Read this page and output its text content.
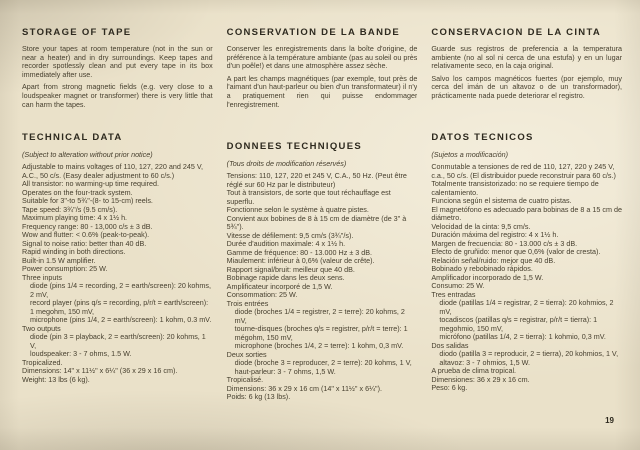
STORAGE OF TAPE

Store your tapes at room temperature (not in the sun or near a heater) and in dry surroundings. Keep tapes and recorder spotlessly clean and put every tape in its box immediately after use.

Apart from strong magnetic fields (e.g. very close to a loudspeaker magnet or transformer) there is very little that can harm the tapes.

TECHNICAL DATA
(Subject to alteration without prior notice)
Adjustable to mains voltages of 110, 127, 220 and 245 V, A.C., 50 c/s. (Easy dealer adjustment to 60 c/s.)
All transistor: no warming-up time required.
Operates on the four-track system.
Suitable for 3"-to 5¾"-(8- to 15-cm) reels.
Tape speed: 3¾"/s (9.5 cm/s).
Maximum playing time: 4 x 1½ h.
Frequency range: 80 - 13,000 c/s ± 3 dB.
Wow and flutter: < 0.6% (peak-to-peak).
Signal to noise ratio: better than 40 dB.
Rapid winding in both directions.
Built-in 1.5 W amplifier.
Power consumption: 25 W.
Three inputs
diode (pins 1/4 = recording, 2 = earth/screen): 20 kohms, 2 mV,
record player (pins q/s = recording, p/r/t = earth/screen): 1 megohm, 150 mV,
microphone (pins 1/4, 2 = earth/screen): 1 kohm, 0.3 mV.
Two outputs
diode (pin 3 = playback, 2 = earth/screen): 20 kohms, 1 V,
loudspeaker: 3 - 7 ohms, 1.5 W.
Tropicalized.
Dimensions: 14" x 11½" x 6¼" (36 x 29 x 16 cm).
Weight: 13 lbs (6 kg).
CONSERVATION DE LA BANDE

Conserver les enregistrements dans la boîte d'origine, de préférence à la température ambiante (pas au soleil ou près d'un poêle!) et dans une atmosphère assez sèche.

A part les champs magnétiques (par exemple, tout près de l'aimant d'un haut-parleur ou bien d'un transformateur) il n'y a pratiquement rien qui puisse endommager l'enregistrement.

DONNEES TECHNIQUES
(Tous droits de modification réservés)
Tensions: 110, 127, 220 et 245 V, C.A., 50 Hz. (Peut être réglé sur 60 Hz par le distributeur)
Tout à transistors, de sorte que tout réchauffage est superflu.
Fonctionne selon le système à quatre pistes.
Convient aux bobines de 8 à 15 cm de diamètre (de 3" à 5¾").
Vitesse de défilement: 9,5 cm/s (3¾"/s).
Durée d'audition maximale: 4 x 1½ h.
Gamme de fréquence: 80 - 13.000 Hz ± 3 dB.
Miaulement: inférieur à 0,6% (valeur de crête).
Rapport signal/bruit: meilleur que 40 dB.
Bobinage rapide dans les deux sens.
Amplificateur incorporé de 1,5 W.
Consommation: 25 W.
Trois entrées
diode (broches 1/4 = registrer, 2 = terre): 20 kohms, 2 mV,
tourne-disques (broches q/s = registrer, p/r/t = terre): 1 mégohm, 150 mV,
microphone (broches 1/4, 2 = terre): 1 kohm, 0,3 mV.
Deux sorties
diode (broche 3 = reproducer, 2 = terre): 20 kohms, 1 V,
haut-parleur: 3 - 7 ohms, 1,5 W.
Tropicalisé.
Dimensions: 36 x 29 x 16 cm (14" x 11½" x 6¼").
Poids: 6 kg (13 lbs).
CONSERVACION DE LA CINTA

Guarde sus registros de preferencia a la temperatura ambiente (no al sol ni cerca de una estufa) y en un lugar relativamente seco, en la caja original.

Salvo los campos magnéticos fuertes (por ejemplo, muy cerca del imán de un altavoz o de un transformador), prácticamente nada puede deteriorar el registro.

DATOS TECNICOS
(Sujetos a modificación)
Conmutable a tensiones de red de 110, 127, 220 y 245 V, c.a., 50 c/s. (El distribuidor puede reconstruir para 60 c/s.)
Totalmente transistorizado: no se requiere tiempo de calentamiento.
Funciona según el sistema de cuatro pistas.
El magnetófono es adecuado para bobinas de 8 a 15 cm de diámetro.
Velocidad de la cinta: 9,5 cm/s.
Duración máxima del registro: 4 x 1½ h.
Margen de frecuencia: 80 - 13.000 c/s ± 3 dB.
Efecto de gruñido: menor que 0,6% (valor de cresta).
Relación señal/ruido: mejor que 40 dB.
Bobinado y rebobinado rápidos.
Amplificador incorporado de 1,5 W.
Consumo: 25 W.
Tres entradas
diode (patillas 1/4 = registrar, 2 = tierra): 20 kohmios, 2 mV,
tocadiscos (patillas q/s = registrar, p/r/t = tierra): 1 megohmio, 150 mV,
micrófono (patillas 1/4, 2 = tierra): 1 kohmio, 0,3 mV.
Dos salidas
diodo (patilla 3 = reproducir, 2 = tierra), 20 kohmios, 1 V,
altavoz: 3 - 7 ohmios, 1,5 W.
A prueba de clima tropical.
Dimensiones: 36 x 29 x 16 cm.
Peso: 6 kg.
19
